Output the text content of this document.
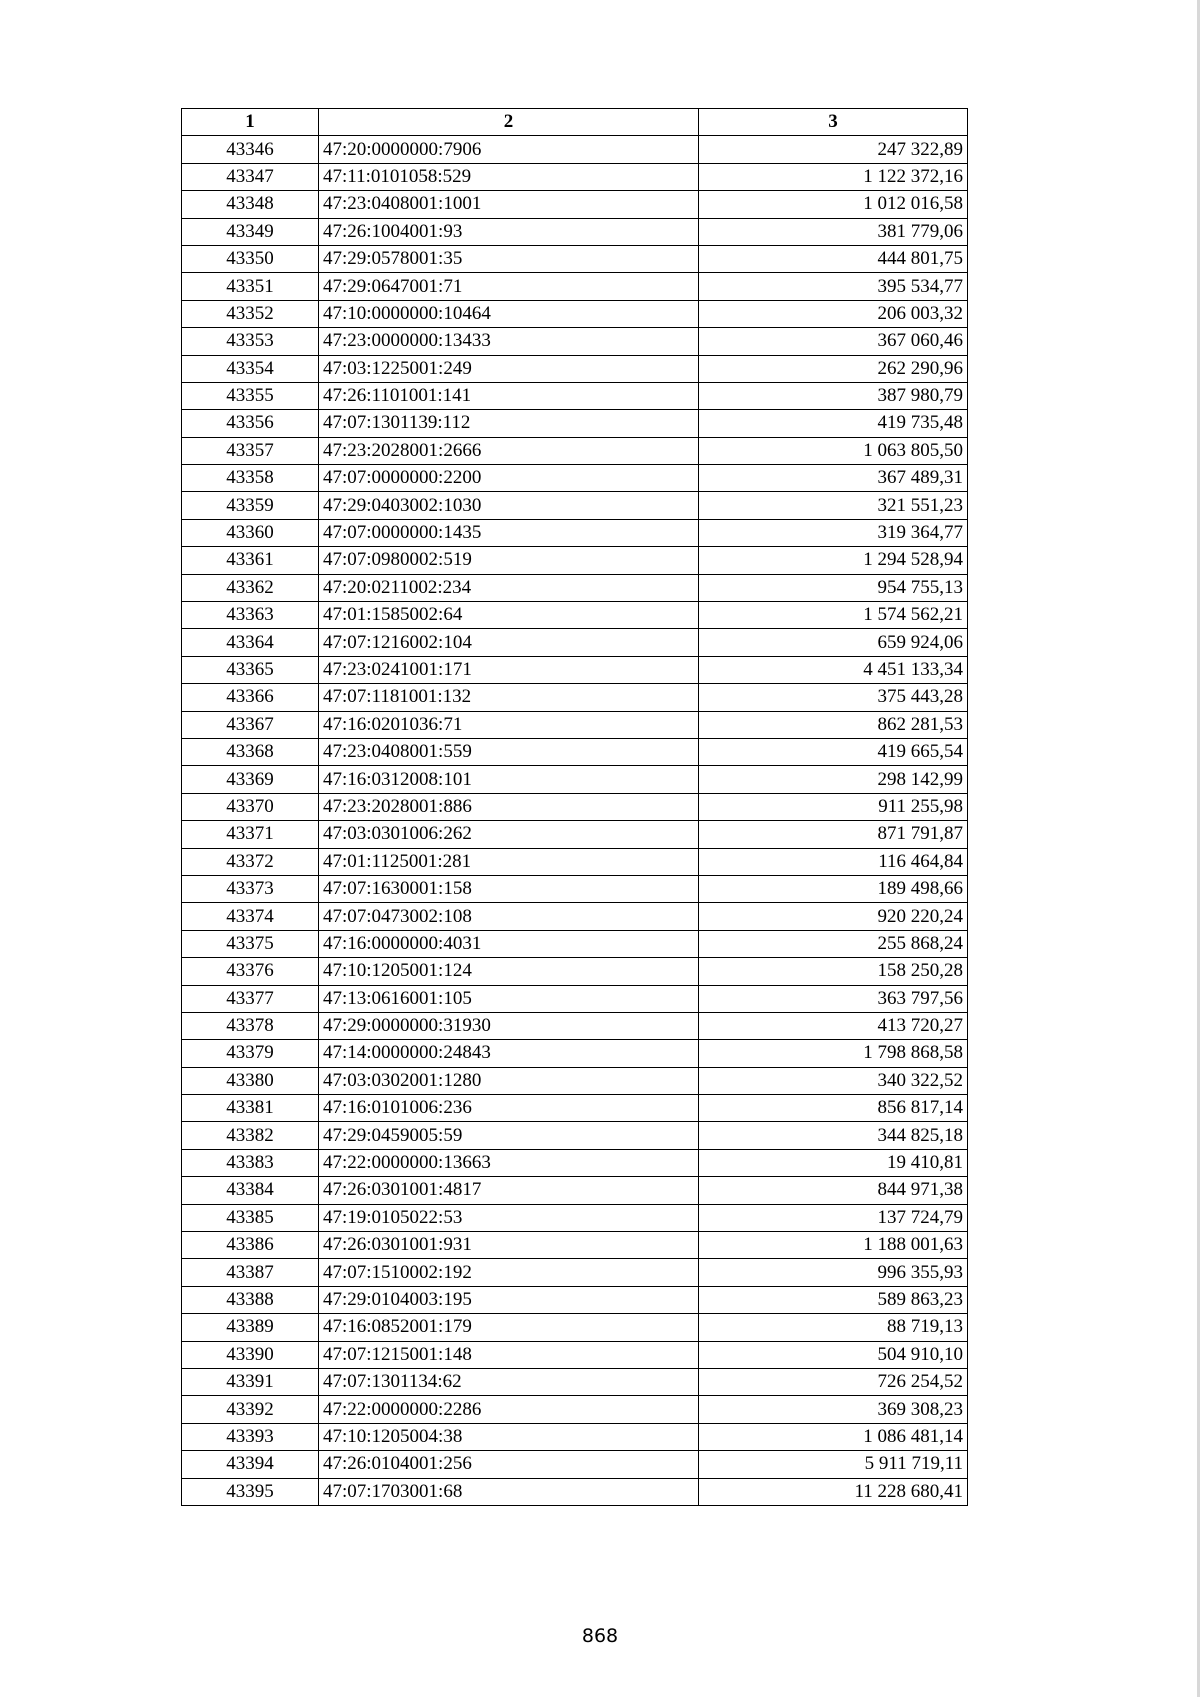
1	2	3
43346	47:20:0000000:7906	247 322,89
43347	47:11:0101058:529	1 122 372,16
43348	47:23:0408001:1001	1 012 016,58
43349	47:26:1004001:93	381 779,06
43350	47:29:0578001:35	444 801,75
43351	47:29:0647001:71	395 534,77
43352	47:10:0000000:10464	206 003,32
43353	47:23:0000000:13433	367 060,46
43354	47:03:1225001:249	262 290,96
43355	47:26:1101001:141	387 980,79
43356	47:07:1301139:112	419 735,48
43357	47:23:2028001:2666	1 063 805,50
43358	47:07:0000000:2200	367 489,31
43359	47:29:0403002:1030	321 551,23
43360	47:07:0000000:1435	319 364,77
43361	47:07:0980002:519	1 294 528,94
43362	47:20:0211002:234	954 755,13
43363	47:01:1585002:64	1 574 562,21
43364	47:07:1216002:104	659 924,06
43365	47:23:0241001:171	4 451 133,34
43366	47:07:1181001:132	375 443,28
43367	47:16:0201036:71	862 281,53
43368	47:23:0408001:559	419 665,54
43369	47:16:0312008:101	298 142,99
43370	47:23:2028001:886	911 255,98
43371	47:03:0301006:262	871 791,87
43372	47:01:1125001:281	116 464,84
43373	47:07:1630001:158	189 498,66
43374	47:07:0473002:108	920 220,24
43375	47:16:0000000:4031	255 868,24
43376	47:10:1205001:124	158 250,28
43377	47:13:0616001:105	363 797,56
43378	47:29:0000000:31930	413 720,27
43379	47:14:0000000:24843	1 798 868,58
43380	47:03:0302001:1280	340 322,52
43381	47:16:0101006:236	856 817,14
43382	47:29:0459005:59	344 825,18
43383	47:22:0000000:13663	19 410,81
43384	47:26:0301001:4817	844 971,38
43385	47:19:0105022:53	137 724,79
43386	47:26:0301001:931	1 188 001,63
43387	47:07:1510002:192	996 355,93
43388	47:29:0104003:195	589 863,23
43389	47:16:0852001:179	88 719,13
43390	47:07:1215001:148	504 910,10
43391	47:07:1301134:62	726 254,52
43392	47:22:0000000:2286	369 308,23
43393	47:10:1205004:38	1 086 481,14
43394	47:26:0104001:256	5 911 719,11
43395	47:07:1703001:68	11 228 680,41
868
